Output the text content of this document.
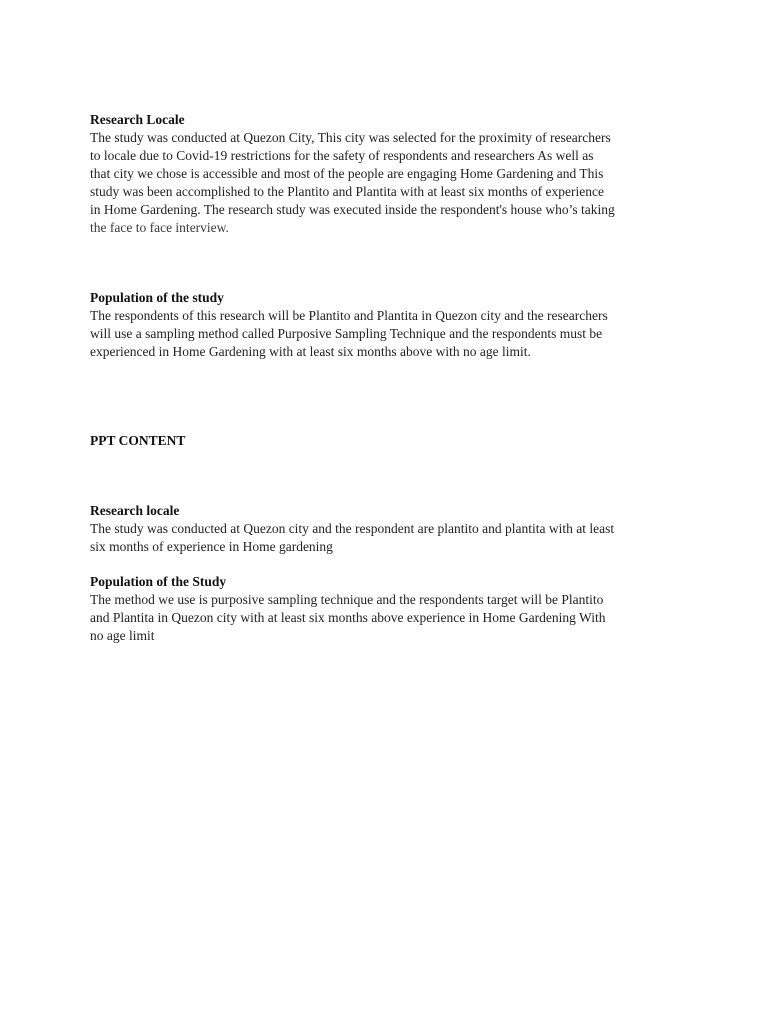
Research Locale

The study was conducted at Quezon City, This city was selected for the proximity of researchers
to locale due to Covid-19 restrictions for the safety of respondents and researchers As well as
that city we chose is accessible and most of the people are engaging Home Gardening and This
study was been accomplished to the Plantito and Plantita with at least six months of experience
in Home Gardening. The research study was executed inside the respondent's house who’s taking
the face to face interview.

Population of the study

The respondents of this research will be Plantito and Plantita in Quezon city and the researchers
will use a sampling method called Purposive Sampling Technique and the respondents must be
experienced in Home Gardening with at least six months above with no age limit.

PPT CONTENT

Research locale

The study was conducted at Quezon city and the respondent are plantito and plantita with at least
six months of experience in Home gardening

Population of the Study

The method we use is purposive sampling technique and the respondents target will be Plantito
and Plantita in Quezon city with at least six months above experience in Home Gardening With
no age limit
